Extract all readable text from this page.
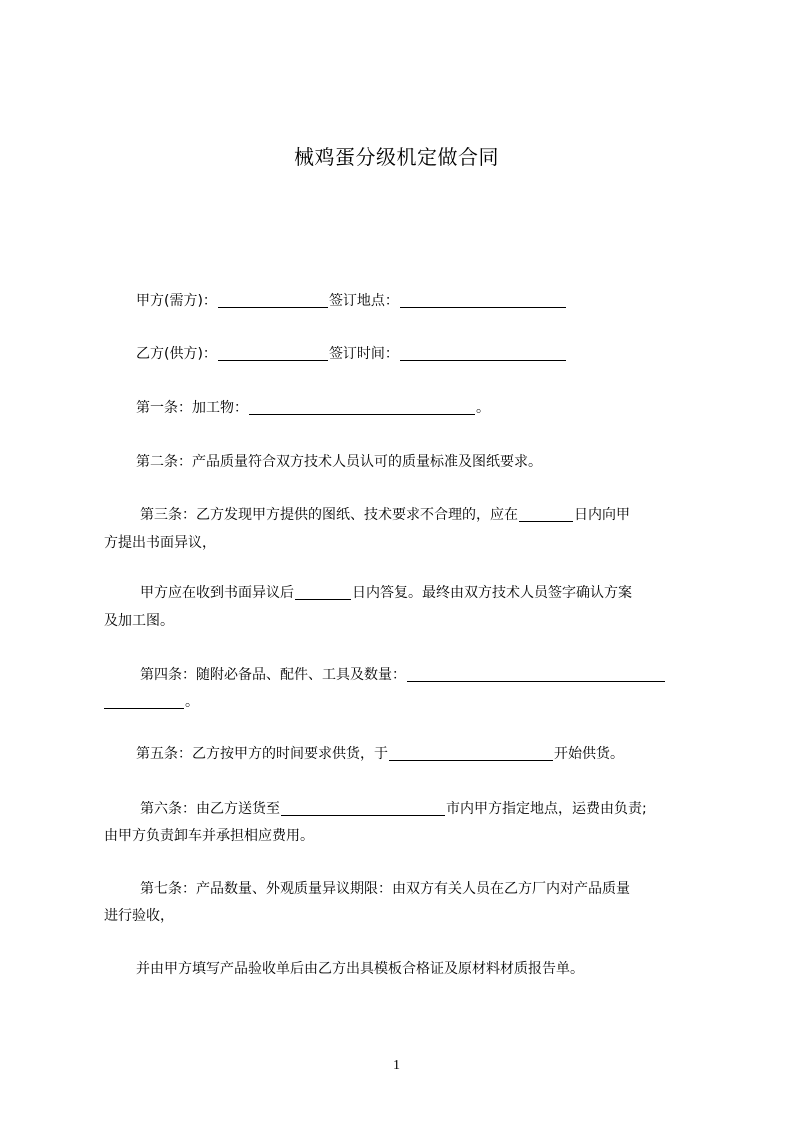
械鸡蛋分级机定做合同
甲方(需方)：	签订地点：
乙方(供方)：	签订时间：
第一条：加工物：	。
第二条：产品质量符合双方技术人员认可的质量标准及图纸要求。
第三条：乙方发现甲方提供的图纸、技术要求不合理的，应在	日内向甲
方提出书面异议，
甲方应在收到书面异议后	日内答复。最终由双方技术人员签字确认方案
及加工图。
第四条：随附必备品、配件、工具及数量：
。
第五条：乙方按甲方的时间要求供货，于	开始供货。
第六条：由乙方送货至	市内甲方指定地点，运费由负责;
由甲方负责卸车并承担相应费用。
第七条：产品数量、外观质量异议期限：由双方有关人员在乙方厂内对产品质量
进行验收，
并由甲方填写产品验收单后由乙方出具模板合格证及原材料材质报告单。
1
